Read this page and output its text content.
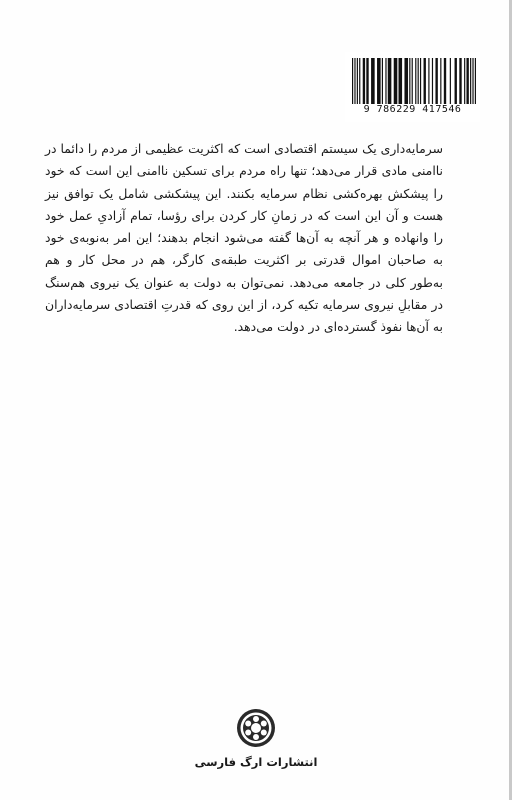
9 786229 417546

سرمایه‌داری یک سیستم اقتصادی است که اکثریت عظیمی از مردم را دائما در ناامنی مادی قرار می‌دهد؛ تنها راه مردم برای تسکین ناامنی این است که خود را پیشکش بهره‌کشی نظام سرمایه بکنند. این پیشکشی شامل یک توافق نیز هست و آن این است که در زمانِ کار کردن برای رؤسا، تمام آزادیِ عمل خود را وانهاده و هر آنچه به آن‌ها گفته می‌شود انجام بدهند؛ این امر به‌نوبه‌ی خود به صاحبان اموال قدرتی بر اکثریت طبقه‌ی کارگر، هم در محل کار و هم به‌طور کلی در جامعه می‌دهد. نمی‌توان به دولت به عنوان یک نیروی هم‌سنگ در مقابلِ نیروی سرمایه تکیه کرد، از این روی که قدرتِ اقتصادی سرمایه‌داران به آن‌ها نفوذ گسترده‌ای در دولت می‌دهد.

انتشارات ارگ فارسی
